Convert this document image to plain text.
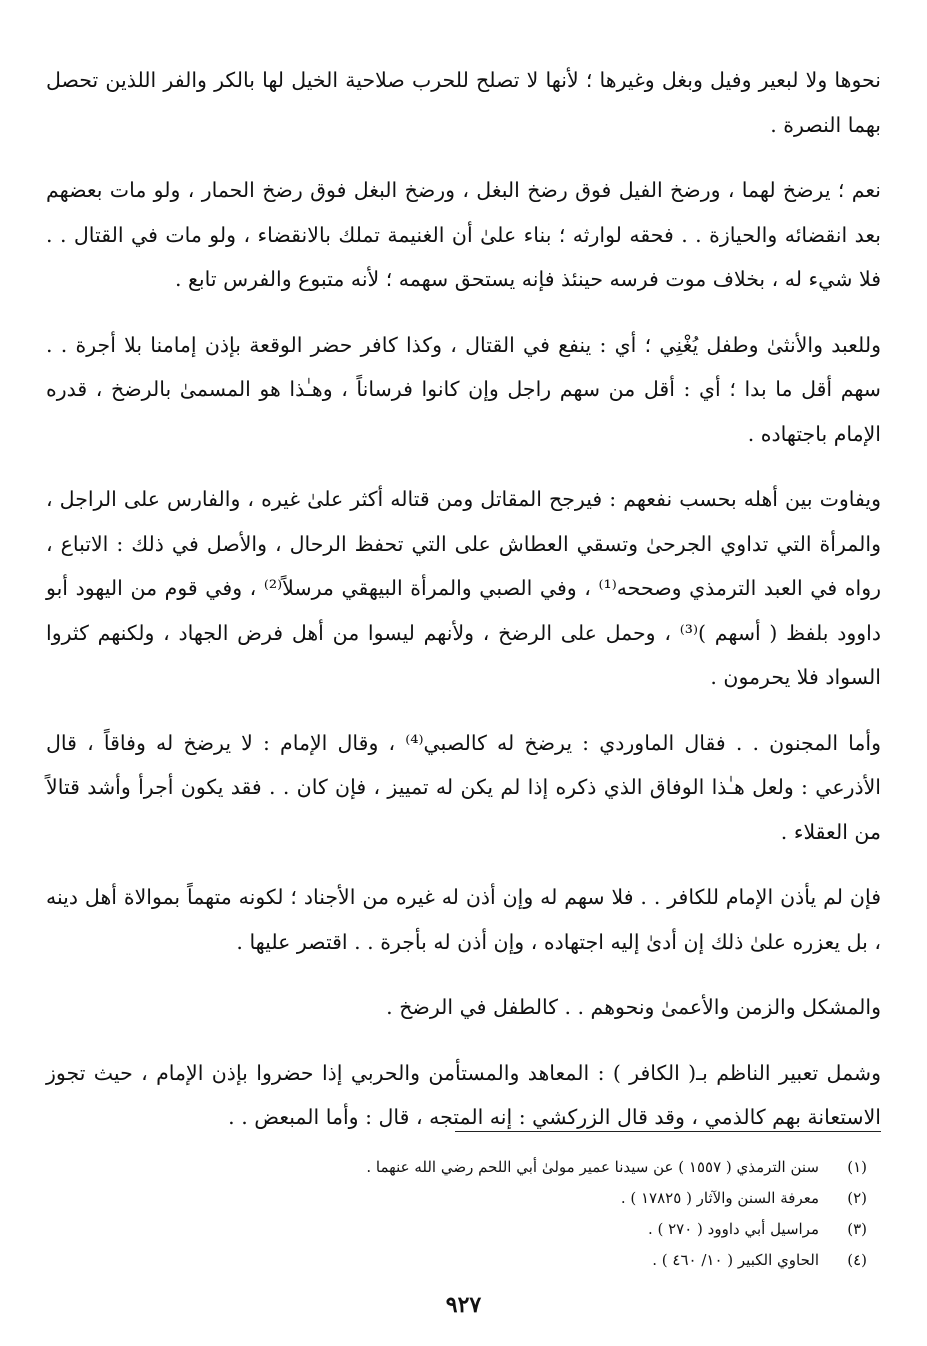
نحوها ولا لبعير وفيل وبغل وغيرها ؛ لأنها لا تصلح للحرب صلاحية الخيل لها بالكر والفر اللذين تحصل بهما النصرة .

نعم ؛ يرضخ لهما ، ورضخ الفيل فوق رضخ البغل ، ورضخ البغل فوق رضخ الحمار ، ولو مات بعضهم بعد انقضائه والحيازة . . فحقه لوارثه ؛ بناء علىٰ أن الغنيمة تملك بالانقضاء ، ولو مات في القتال . . فلا شيء له ، بخلاف موت فرسه حينئذ فإنه يستحق سهمه ؛ لأنه متبوع والفرس تابع .

وللعبد والأنثىٰ وطفل يُغْنِي ؛ أي : ينفع في القتال ، وكذا كافر حضر الوقعة بإذن إمامنا بلا أجرة . . سهم أقل ما بدا ؛ أي : أقل من سهم راجل وإن كانوا فرساناً ، وهـٰذا هو المسمىٰ بالرضخ ، قدره الإمام باجتهاده .

ويفاوت بين أهله بحسب نفعهم : فيرجح المقاتل ومن قتاله أكثر علىٰ غيره ، والفارس على الراجل ، والمرأة التي تداوي الجرحىٰ وتسقي العطاش على التي تحفظ الرحال ، والأصل في ذلك : الاتباع ، رواه في العبد الترمذي وصححه⁽¹⁾ ، وفي الصبي والمرأة البيهقي مرسلاً⁽²⁾ ، وفي قوم من اليهود أبو داوود بلفظ ( أسهم )⁽³⁾ ، وحمل على الرضخ ، ولأنهم ليسوا من أهل فرض الجهاد ، ولكنهم كثروا السواد فلا يحرمون .

وأما المجنون . . فقال الماوردي : يرضخ له كالصبي⁽⁴⁾ ، وقال الإمام : لا يرضخ له وفاقاً ، قال الأذرعي : ولعل هـٰذا الوفاق الذي ذكره إذا لم يكن له تمييز ، فإن كان . . فقد يكون أجرأ وأشد قتالاً من العقلاء .

فإن لم يأذن الإمام للكافر . . فلا سهم له وإن أذن له غيره من الأجناد ؛ لكونه متهماً بموالاة أهل دينه ، بل يعزره علىٰ ذلك إن أدىٰ إليه اجتهاده ، وإن أذن له بأجرة . . اقتصر عليها .

والمشكل والزمن والأعمىٰ ونحوهم . . كالطفل في الرضخ .

وشمل تعبير الناظم بـ( الكافر ) : المعاهد والمستأمن والحربي إذا حضروا بإذن الإمام ، حيث تجوز الاستعانة بهم كالذمي ، وقد قال الزركشي : إنه المتجه ، قال : وأما المبعض . .

(١)
سنن الترمذي ( ١٥٥٧ ) عن سيدنا عمير مولىٰ أبي اللحم رضي الله عنهما .
(٢)
معرفة السنن والآثار ( ١٧٨٢٥ ) .
(٣)
مراسيل أبي داوود ( ٢٧٠ ) .
(٤)
الحاوي الكبير ( ١٠/ ٤٦٠ ) .
٩٢٧
